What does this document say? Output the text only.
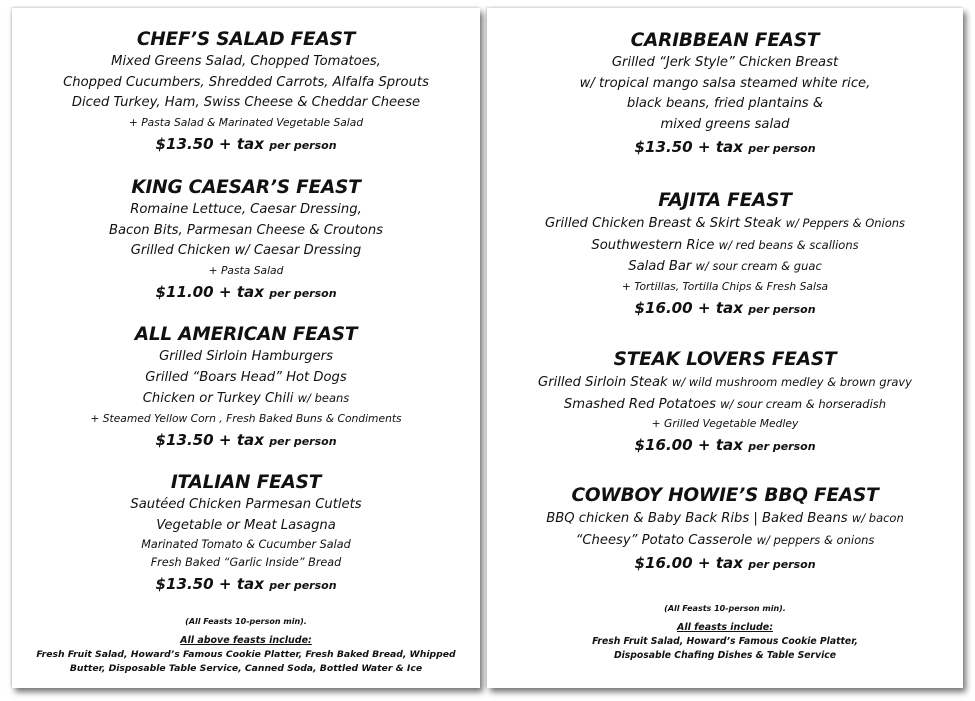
CHEF’S SALAD FEAST
Mixed Greens Salad, Chopped Tomatoes,
Chopped Cucumbers, Shredded Carrots, Alfalfa Sprouts
Diced Turkey, Ham, Swiss Cheese & Cheddar Cheese
+ Pasta Salad & Marinated Vegetable Salad
$13.50 + tax per person
KING CAESAR’S FEAST
Romaine Lettuce, Caesar Dressing,
Bacon Bits, Parmesan Cheese & Croutons
Grilled Chicken w/ Caesar Dressing
+ Pasta Salad
$11.00 + tax per person
ALL AMERICAN FEAST
Grilled Sirloin Hamburgers
Grilled “Boars Head” Hot Dogs
Chicken or Turkey Chili w/ beans
+ Steamed Yellow Corn , Fresh Baked Buns & Condiments
$13.50 + tax per person
ITALIAN FEAST
Sautéed Chicken Parmesan Cutlets
Vegetable or Meat Lasagna
Marinated Tomato & Cucumber Salad
Fresh Baked “Garlic Inside” Bread
$13.50 + tax per person
(All Feasts 10-person min).
All above feasts include:
Fresh Fruit Salad, Howard’s Famous Cookie Platter, Fresh Baked Bread, Whipped
Butter, Disposable Table Service, Canned Soda, Bottled Water & Ice
CARIBBEAN FEAST
Grilled “Jerk Style” Chicken Breast
w/ tropical mango salsa steamed white rice,
black beans, fried plantains &
mixed greens salad
$13.50 + tax per person
FAJITA FEAST
Grilled Chicken Breast & Skirt Steak w/ Peppers & Onions
Southwestern Rice w/ red beans & scallions
Salad Bar w/ sour cream & guac
+ Tortillas, Tortilla Chips & Fresh Salsa
$16.00 + tax per person
STEAK LOVERS FEAST
Grilled Sirloin Steak w/ wild mushroom medley & brown gravy
Smashed Red Potatoes w/ sour cream & horseradish
+ Grilled Vegetable Medley
$16.00 + tax per person
COWBOY HOWIE’S BBQ FEAST
BBQ chicken & Baby Back Ribs | Baked Beans w/ bacon
“Cheesy” Potato Casserole w/ peppers & onions
$16.00 + tax per person
(All Feasts 10-person min).
All feasts include:
Fresh Fruit Salad, Howard’s Famous Cookie Platter,
Disposable Chafing Dishes & Table Service
